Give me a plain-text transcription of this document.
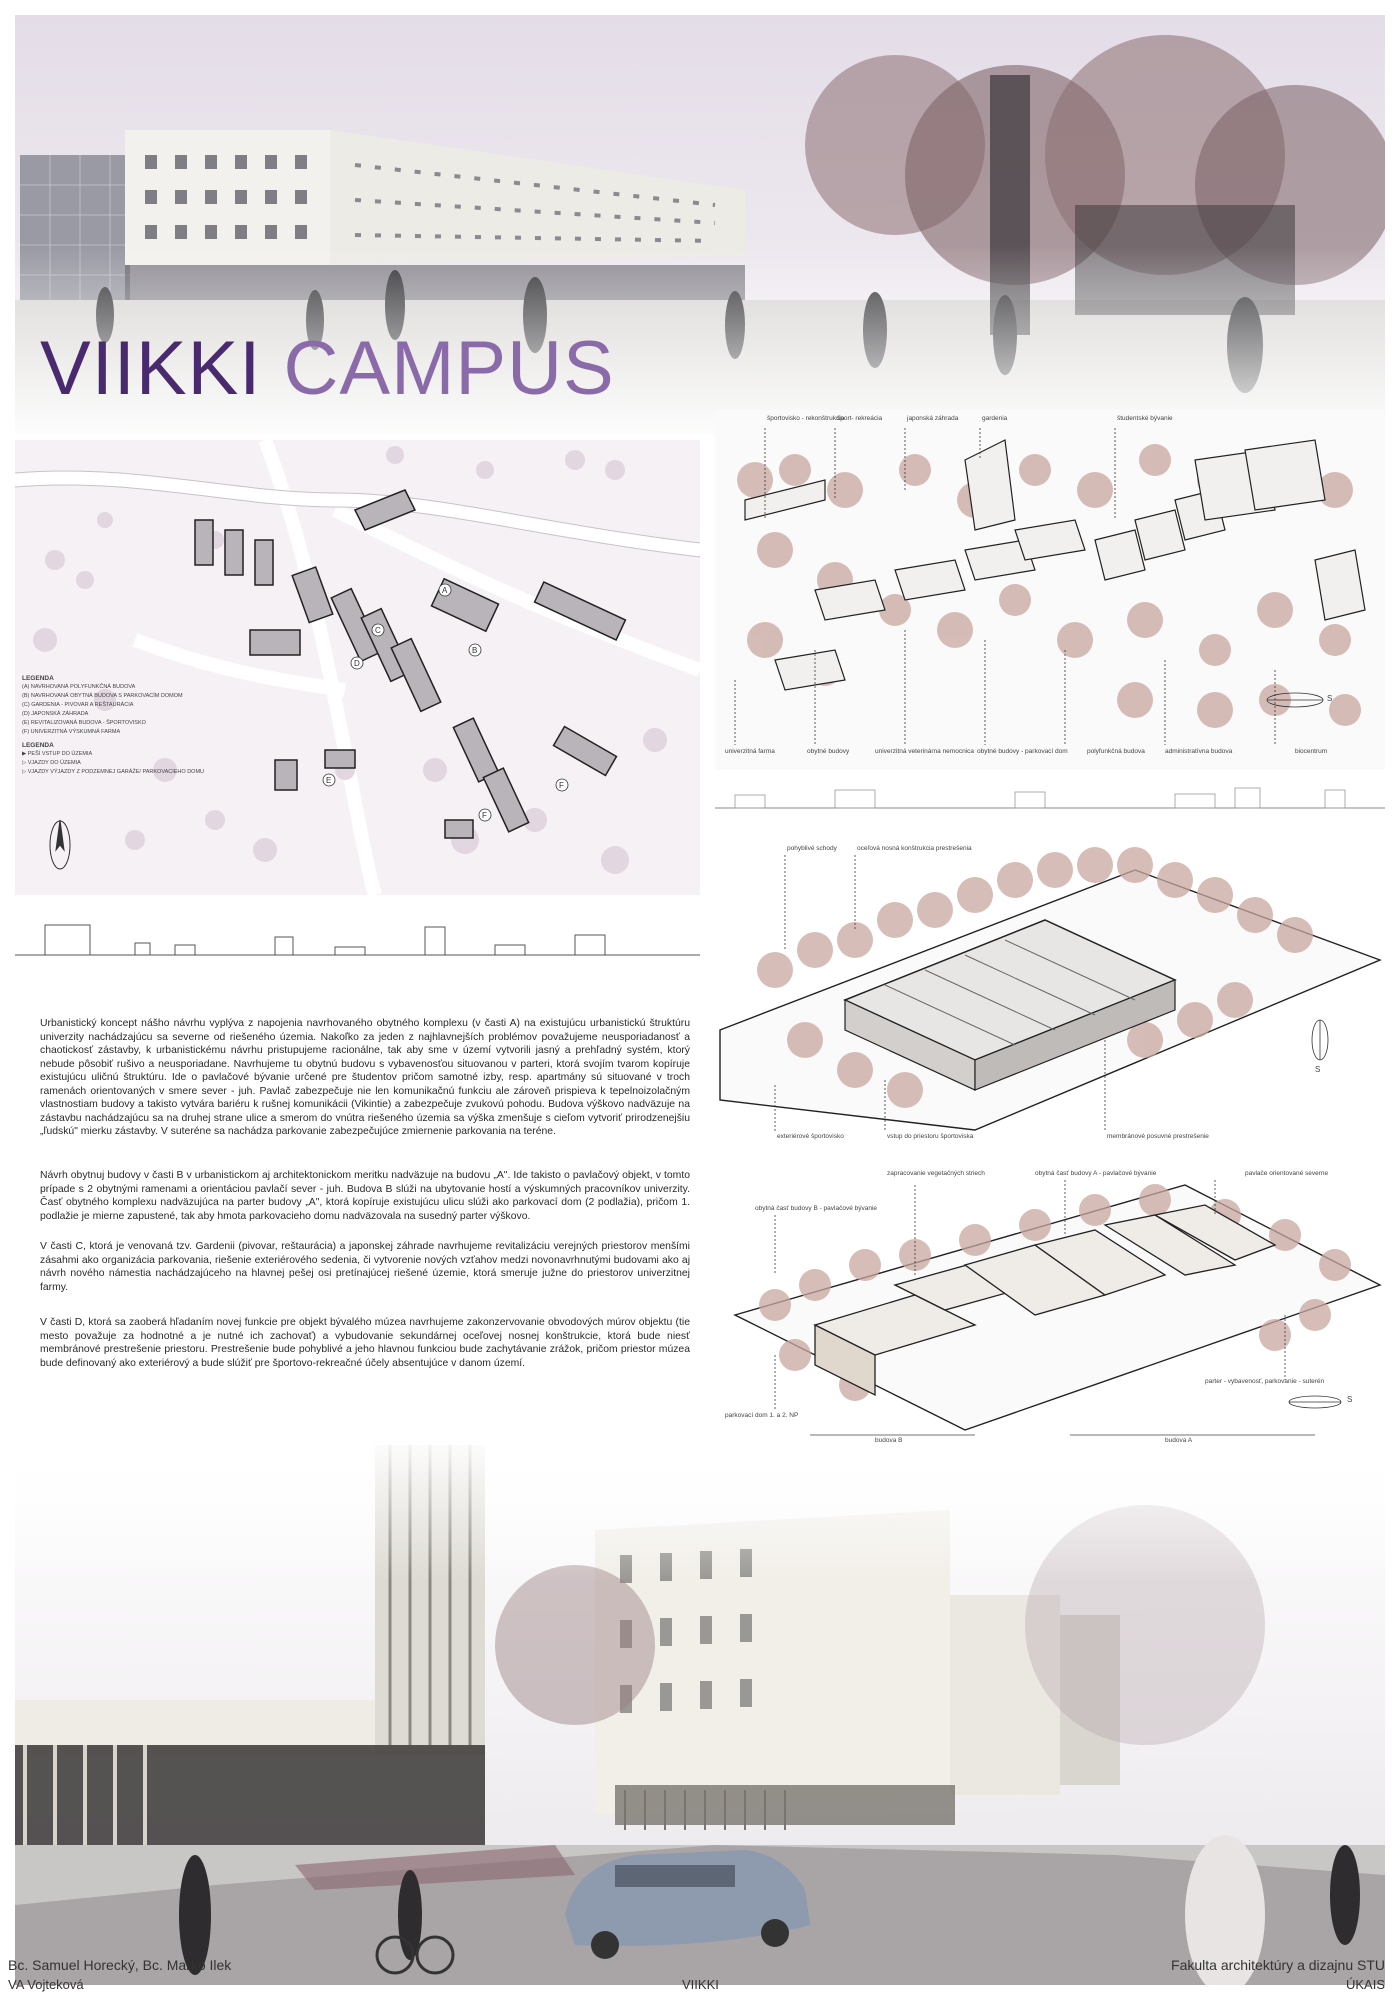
VIIKKI CAMPUS
A
B
C
D
E
F
F
LEGENDA
(A) NAVRHOVANÁ POLYFUNKČNÁ BUDOVA
(B) NAVRHOVANÁ OBYTNÁ BUDOVA S PARKOVACÍM DOMOM
(C) GARDENIA - PIVOVAR A REŠTAURÁCIA
(D) JAPONSKÁ ZÁHRADA
(E) REVITALIZOVANÁ BUDOVA - ŠPORTOVISKO
(F) UNIVERZITNÁ VÝSKUMNÁ FARMA
LEGENDA
▶ PEŠÍ VSTUP DO ÚZEMIA
▷ VJAZDY DO ÚZEMIA
▷ VJAZDY VÝJAZDY Z PODZEMNEJ GARÁŽE/ PARKOVACIEHO DOMU

Urbanistický koncept nášho návrhu vyplýva z napojenia navrhovaného obytného komplexu (v časti A) na existujúcu urbanistickú štruktúru univerzity nachádzajúcu sa severne od riešeného územia. Nakoľko za jeden z najhlavnejších problémov považujeme neusporiadanosť a chaotickosť zástavby, k urbanistickému návrhu pristupujeme racionálne, tak aby sme v území vytvorili jasný a prehľadný systém, ktorý nebude pôsobiť rušivo a neusporiadane. Navrhujeme tu obytnú budovu s vybavenosťou situovanou v parteri, ktorá svojím tvarom kopíruje existujúcu uličnú štruktúru. Ide o pavlačové bývanie určené pre študentov pričom samotné izby, resp. apartmány sú situované v troch ramenách orientovaných v smere sever - juh. Pavlač zabezpečuje nie len komunikačnú funkciu ale zároveň prispieva k tepelnoizolačným vlastnostiam budovy a takisto vytvára bariéru k rušnej komunikácii (Vikintie) a zabezpečuje zvukovú pohodu. Budova výškovo nadväzuje na zástavbu nachádzajúcu sa na druhej strane ulice a smerom do vnútra riešeného územia sa výška zmenšuje s cieľom vytvoriť prirodzenejšiu „ľudskú" mierku zástavby. V suteréne sa nachádza parkovanie zabezpečujúce zmiernenie parkovania na teréne.

Návrh obytnuj budovy v časti B v urbanistickom aj architektonickom meritku nadväzuje na budovu „A". Ide takisto o pavlačový objekt, v tomto prípade s 2 obytnými ramenami a orientáciou pavlačí sever - juh. Budova B slúži na ubytovanie hostí a výskumných pracovníkov univerzity. Časť obytného komplexu nadväzujúca na parter budovy „A", ktorá kopíruje existujúcu ulicu slúži ako parkovací dom (2 podlažia), pričom 1. podlažie je mierne zapustené, tak aby hmota parkovacieho domu nadväzovala na susedný parter výškovo.

V časti C, ktorá je venovaná tzv. Gardenii (pivovar, reštaurácia) a japonskej záhrade navrhujeme revitalizáciu verejných priestorov menšími zásahmi ako organizácia parkovania, riešenie exteriérového sedenia, či vytvorenie nových vzťahov medzi novonavrhnutými budovami ako aj návrh nového námestia nachádzajúceho na hlavnej pešej osi pretínajúcej riešené územie, ktorá smeruje južne do priestorov univerzitnej farmy.

V časti D, ktorá sa zaoberá hľadaním novej funkcie pre objekt bývalého múzea navrhujeme zakonzervovanie obvodových múrov objektu (tie mesto považuje za hodnotné a je nutné ich zachovať) a vybudovanie sekundárnej oceľovej nosnej konštrukcie, ktorá bude niesť membránové prestrešenie priestoru. Prestrešenie bude pohyblivé a jeho hlavnou funkciou bude zachytávanie zrážok, pričom priestor múzea bude definovaný ako exteriérový a bude slúžiť pre športovo-rekreačné účely absentujúce v danom území.

športovisko - rekonštrukcia
šport- rekreácia	japonská záhrada	gardenia	študentské bývanie
univerzitná farma	obytné budovy	univerzitná veterinárna nemocnica obytné budovy - parkovací dom	polyfunkčná budova	administratívna budova	biocentrum
S
pohyblivé schody	oceľová nosná konštrukcia prestrešenia
exteriérové športovisko	vstup do priestoru športoviska	membránové posuvné prestrešenie
S
zapracovanie vegetačných striech	obytná časť budovy A - pavlačové bývanie	pavlače orientované severne
obytná časť budovy B - pavlačové bývanie
parter - vybavenosť, parkovanie - suterén
parkovací dom 1. a 2. NP
budova B	budova A
S
Bc. Samuel Horecký, Bc. Marko Ilek
VA Vojteková	VIIKKI
Fakulta architektúry a dizajnu STU
ÚKAIS
